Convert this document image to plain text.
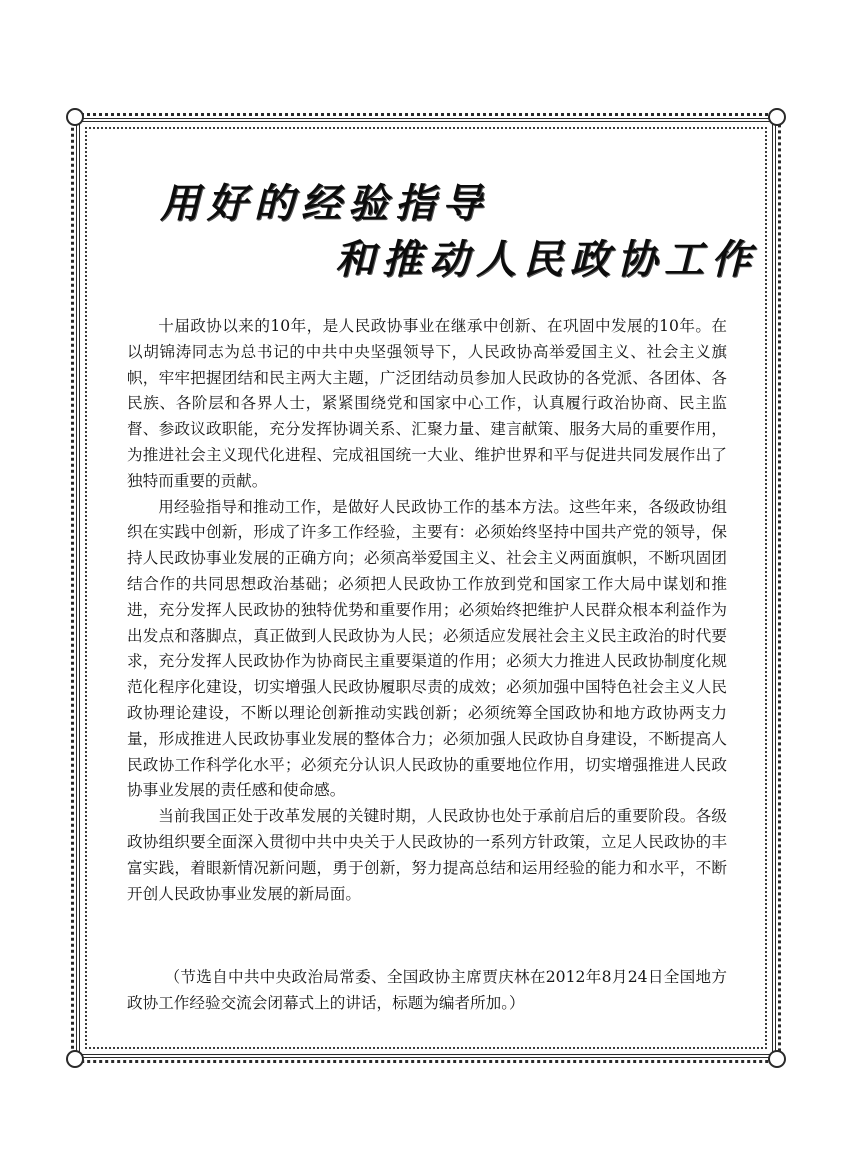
用好的经验指导
和推动人民政协工作

十届政协以来的10年，是人民政协事业在继承中创新、在巩固中发展的10年。在以胡锦涛同志为总书记的中共中央坚强领导下，人民政协高举爱国主义、社会主义旗帜，牢牢把握团结和民主两大主题，广泛团结动员参加人民政协的各党派、各团体、各民族、各阶层和各界人士，紧紧围绕党和国家中心工作，认真履行政治协商、民主监督、参政议政职能，充分发挥协调关系、汇聚力量、建言献策、服务大局的重要作用，为推进社会主义现代化进程、完成祖国统一大业、维护世界和平与促进共同发展作出了独特而重要的贡献。

用经验指导和推动工作，是做好人民政协工作的基本方法。这些年来，各级政协组织在实践中创新，形成了许多工作经验，主要有：必须始终坚持中国共产党的领导，保持人民政协事业发展的正确方向；必须高举爱国主义、社会主义两面旗帜，不断巩固团结合作的共同思想政治基础；必须把人民政协工作放到党和国家工作大局中谋划和推进，充分发挥人民政协的独特优势和重要作用；必须始终把维护人民群众根本利益作为出发点和落脚点，真正做到人民政协为人民；必须适应发展社会主义民主政治的时代要求，充分发挥人民政协作为协商民主重要渠道的作用；必须大力推进人民政协制度化规范化程序化建设，切实增强人民政协履职尽责的成效；必须加强中国特色社会主义人民政协理论建设，不断以理论创新推动实践创新；必须统筹全国政协和地方政协两支力量，形成推进人民政协事业发展的整体合力；必须加强人民政协自身建设，不断提高人民政协工作科学化水平；必须充分认识人民政协的重要地位作用，切实增强推进人民政协事业发展的责任感和使命感。

当前我国正处于改革发展的关键时期，人民政协也处于承前启后的重要阶段。各级政协组织要全面深入贯彻中共中央关于人民政协的一系列方针政策，立足人民政协的丰富实践，着眼新情况新问题，勇于创新，努力提高总结和运用经验的能力和水平，不断开创人民政协事业发展的新局面。

（节选自中共中央政治局常委、全国政协主席贾庆林在2012年8月24日全国地方政协工作经验交流会闭幕式上的讲话，标题为编者所加。）
